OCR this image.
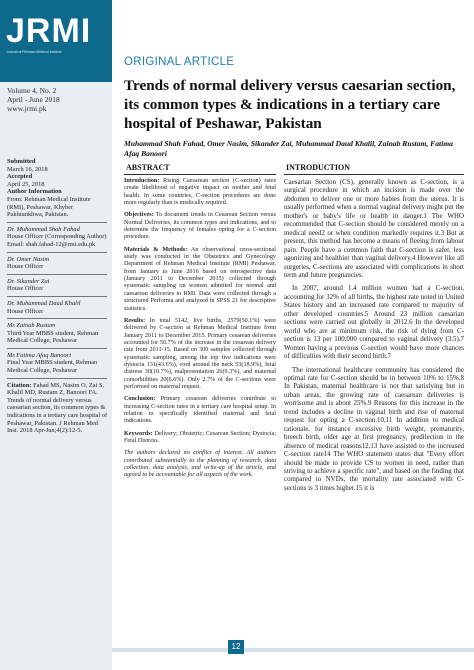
JRMI
Journal of Rehman Medical Institute
Volume 4, No. 2
April - June 2018
www.jrmi.pk

Submitted

March 16, 2018

Accepted

April 25, 2018

Author Information

From: Rehman Medical Institute (RMI), Peshawar, Khyber Pakhtunkhwa, Pakistan.

Dr. Muhammad Shah Fahad

House Officer (Corresponding Author) Email: shah.fahad-12@rmi.edu.pk

Dr. Omer Nasim

House Officer

Dr. Sikander Zai

House Officer

Dr. Muhammad Daud Khalil

House Officer

Ms Zainab Rustam

Third Year MBBS student, Rehman Medical College, Peshawar

Ms Fatima Afaq Banoori

Final Year MBBS student, Rehman Medical College, Peshawar

Citation: Fahad MS, Nasim O, Zai S, Khalil MD, Rustam Z, Banoori FA. Trends of normal delivery versus caesarian section, its common types & indications in a tertiary care hospital of Peshawar, Pakistan. J Rehman Med Inst. 2018 Apr-Jun;4(2):12-5.

ORIGINAL ARTICLE
Trends of normal delivery versus caesarian section, its common types & indications in a tertiary care hospital of Peshawar, Pakistan

Muhammad Shah Fahad, Omer Nasim, Sikander Zai, Muhammad Daud Khalil, Zainab Rustam, Fatima Afaq Banoori

ABSTRACT

Introduction: Rising Caesarean section (C-section) rates create likelihood of negative impact on mother and fetal health. In some countries, C-section procedures are done more regularly than is medically required.

Objectives: To document trends in Cesarean Section versus Normal Deliveries, its common types and indications, and to determine the frequency of females opting for a C-section procedure.

Materials & Methods: An observational cross-sectional study was conducted in the Obstetrics and Gynecology Department of Rehman Medical Institute (RMI) Peshawar, from January to June 2016 based on retrospective data (January 2011 to December 2015) collected through systematic sampling on women admitted for normal and caesarean deliveries to RMI. Data were collected through a structured Performa and analyzed in SPSS 21 for descriptive statistics.

Results: In total 5142, live births, 2579(50.1%) were delivered by C-section at Rehman Medical Institute from January 2011 to December 2015. Primary cesarean deliveries accounted for 56.7% of the increase in the cesarean delivery rate from 2011-15. Based on 300 samples collected through systematic sampling, among the top five indications were dystocia 131(43.6%), cord around the neck 53(18.9%), fetal distress 30(10.7%), malpresentation 26(9.3%), and maternal comorbidities 20(6.6%). Only 2.7% of the C-sections were performed on maternal request.

Conclusion: Primary cesarean deliveries contribute to increasing C-section rates in a tertiary care hospital setup. In relation to specifically identified maternal and fetal indications.

Keywords: Delivery; Obstetric; Cesarean Section; Dystocia; Fetal Distress.

The authors declared no conflict of interest. All authors contributed substantially to the planning of research, data collection, data analysis, and write-up of the article, and agreed to be accountable for all aspects of the work.

INTRODUCTION

Caesarian Section (CS), generally known as C-section, is a surgical procedure in which an incision is made over the abdomen to deliver one or more babies from the uterus. It is usually performed when a normal vaginal delivery might put the mother's or baby's life or health in danger.1 The WHO recommended that C-section should be considered merely on a medical need2 or when condition markedly requires it.3 But at present, this method has become a means of fleeing from labour pain. People have a common faith that C-section is safer, less agonizing and healthier than vaginal delivery.4 However like all surgeries, C-sections are associated with complications in short term and future pregnancies.

In 2007, around 1.4 million women had a C-section, accounting for 32% of all births, the highest rate noted in United States history and an increased rate compared to majority of other developed countries.5 Around 23 million caesarian sections were carried out globally in 2012.6 In the developed world who are at minimum risk, the risk of dying from C-section is 13 per 100,000 compared to vaginal delivery (3.5).7 Women having a previous C-section would have more chances of difficulties with their second birth.7

The international healthcare community has considered the optimal rate for C-section should be in between 10% to 15%.8 In Pakistan, maternal healthcare is not that satisfying but in urban areas, the growing rate of caesarean deliveries is worrisome and is about 25%.9 Reasons for this increase in the trend includes a decline in vaginal birth and rise of maternal request for opting a C-section.10,11 In addition to medical rationale, for instance excessive birth weight, prematurity, breech birth, older age at first pregnancy, predilection in the absence of medical reasons12,13 have assisted to the increased C-section rate14 The WHO statement states that "Every effort should be made to provide CS to women in need, rather than striving to achieve a specific rate", and based on the finding that compared to NVDs, the mortality rate associated with C-sections is 3 times higher.15 it is

12
